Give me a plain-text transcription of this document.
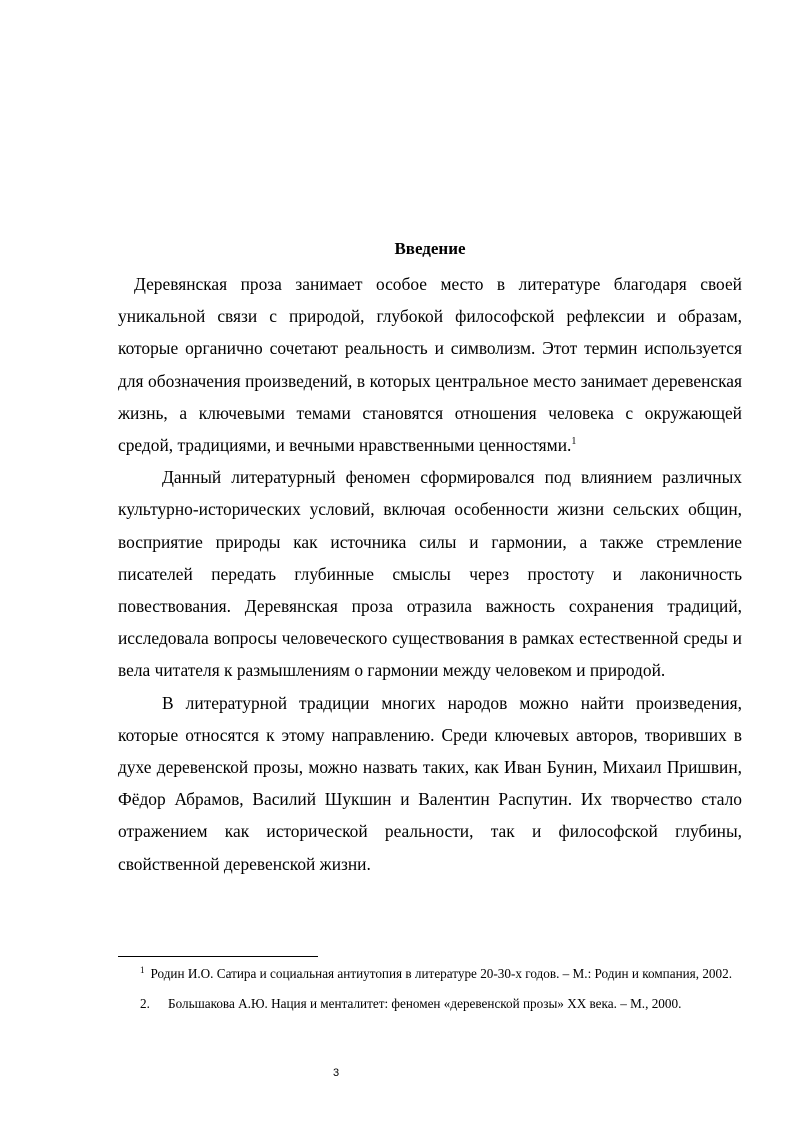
Введение

Деревянская проза занимает особое место в литературе благодаря своей уникальной связи с природой, глубокой философской рефлексии и образам, которые органично сочетают реальность и символизм. Этот термин используется для обозначения произведений, в которых центральное место занимает деревенская жизнь, а ключевыми темами становятся отношения человека с окружающей средой, традициями, и вечными нравственными ценностями.$^1$

Данный литературный феномен сформировался под влиянием различных культурно-исторических условий, включая особенности жизни сельских общин, восприятие природы как источника силы и гармонии, а также стремление писателей передать глубинные смыслы через простоту и лаконичность повествования. Деревянская проза отразила важность сохранения традиций, исследовала вопросы человеческого существования в рамках естественной среды и вела читателя к размышлениям о гармонии между человеком и природой.

В литературной традиции многих народов можно найти произведения, которые относятся к этому направлению. Среди ключевых авторов, творивших в духе деревенской прозы, можно назвать таких, как Иван Бунин, Михаил Пришвин, Фёдор Абрамов, Василий Шукшин и Валентин Распутин. Их творчество стало отражением как исторической реальности, так и философской глубины, свойственной деревенской жизни.

$^1$ Родин И.О. Сатира и социальная антиутопия в литературе 20-30-х годов. – М.: Родин и компания, 2002.

2. Большакова А.Ю. Нация и менталитет: феномен «деревенской прозы» XX века. – М., 2000.

3
